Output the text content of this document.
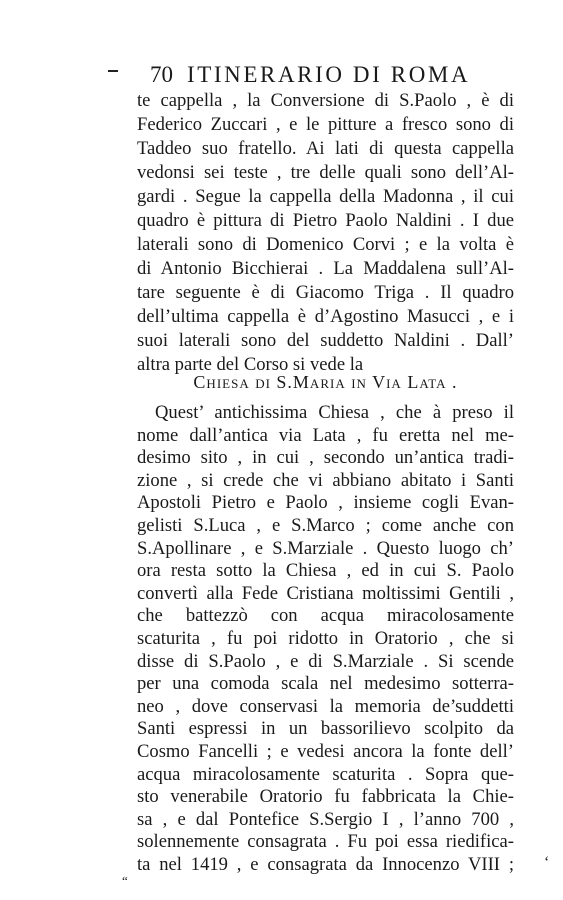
70 ITINERARIO DI ROMA
te cappella , la Conversione di S.Paolo , è di
Federico Zuccari , e le pitture a fresco sono di
Taddeo suo fratello. Ai lati di questa cappella
vedonsi sei teste , tre delle quali sono dell’Al-
gardi . Segue la cappella della Madonna , il cui
quadro è pittura di Pietro Paolo Naldini . I due
laterali sono di Domenico Corvi ; e la volta è
di Antonio Bicchierai . La Maddalena sull’Al-
tare seguente è di Giacomo Triga . Il quadro
dell’ultima cappella è d’Agostino Masucci , e i
Chiesa di S.Maria in Via Lata .
Quest’ antichissima Chiesa , che à preso il
nome dall’antica via Lata , fu eretta nel me-
desimo sito , in cui , secondo un’antica tradi-
zione , si crede che vi abbiano abitato i Santi
Apostoli Pietro e Paolo , insieme cogli Evan-
gelisti S.Luca , e S.Marco ; come anche con
S.Apollinare , e S.Marziale . Questo luogo ch’
ora resta sotto la Chiesa , ed in cui S. Paolo
convertì alla Fede Cristiana moltissimi Gentili ,
che battezzò con acqua miracolosamente
scaturita , fu poi ridotto in Oratorio , che si
disse di S.Paolo , e di S.Marziale . Si scende
per una comoda scala nel medesimo sotterra-
neo , dove conservasi la memoria de’suddetti
Santi espressi in un bassorilievo scolpito da
Cosmo Fancelli ; e vedesi ancora la fonte dell’
acqua miracolosamente scaturita . Sopra que-
sto venerabile Oratorio fu fabbricata la Chie-
sa , e dal Pontefice S.Sergio I , l’anno 700 ,
solennemente consagrata . Fu poi essa riedifica-
ta nel 1419 , e consagrata da Innocenzo VIII ; ‘
“
suoi laterali sono del suddetto Naldini . Dall’
altra parte del Corso si vede la
